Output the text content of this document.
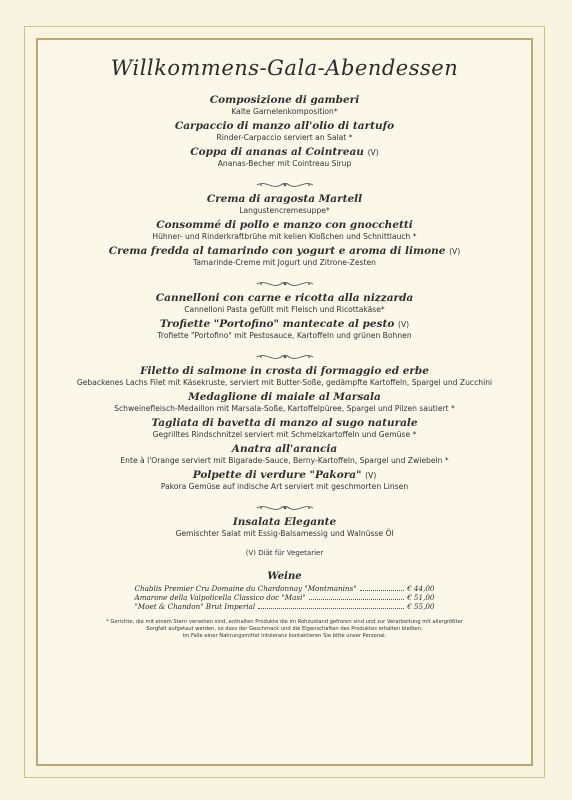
Willkommens-Gala-Abendessen
Composizione di gamberi
Kalte Garnelenkomposition*
Carpaccio di manzo all'olio di tartufo
Rinder-Carpaccio serviert an Salat *
Coppa di ananas al Cointreau (V)
Ananas-Becher mit Cointreau Sirup
Crema di aragosta Martell
Langustencremesuppe*
Consommé di pollo e manzo con gnocchetti
Hühner- und Rinderkraftbrühe mit kelien Kloßchen und Schnittlauch *
Crema fredda al tamarindo con yogurt e aroma di limone (V)
Tamarinde-Creme mit Jogurt und Zitrone-Zesten
Cannelloni con carne e ricotta alla nizzarda
Cannelloni Pasta gefüllt mit Fleisch und Ricottakäse*
Trofiette "Portofino" mantecate al pesto (V)
Trofiette "Portofino" mit Pestosauce, Kartoffeln und grünen Bohnen
Filetto di salmone in crosta di formaggio ed erbe
Gebackenes Lachs Filet mit Käsekruste, serviert mit Butter-Soße, gedämpfte Kartoffeln, Spargel und Zucchini
Medaglione di maiale al Marsala
Schweinefleisch-Medaillon mit Marsala-Soße, Kartoffelpüree, Spargel und Pilzen sautiert *
Tagliata di bavetta di manzo al sugo naturale
Gegrilltes Rindschnitzel serviert mit Schmelzkartoffeln und Gemüse *
Anatra all'arancia
Ente à l'Orange serviert mit Bigarade-Sauce, Berny-Kartoffeln, Spargel und Zwiebeln *
Polpette di verdure "Pakora" (V)
Pakora Gemüse auf indische Art serviert mit geschmorten Linsen
Insalata Elegante
Gemischter Salat mit Essig-Balsamessig und Walnüsse Öl
(V) Diät für Vegetarier
Weine
Chablis Premier Cru Domaine du Chardonnay "Montmanins"	€ 44,00
Amarone della Valpolicella Classico doc "Masi"	€ 51,00
"Moet & Chandon" Brut Imperial	€ 55,00
* Gerichte, die mit einem Stern versehen sind, enthalten Produkte die im Rohzustand gefroren sind und zur Verarbeitung mit allergrößter
Sorgfalt aufgetaut werden, so dass der Geschmack und die Eigenschaften des Produktes erhalten bleiben.
Im Falle einer Nahrungsmittel Intoleranz kontaktieren Sie bitte unser Personal.
